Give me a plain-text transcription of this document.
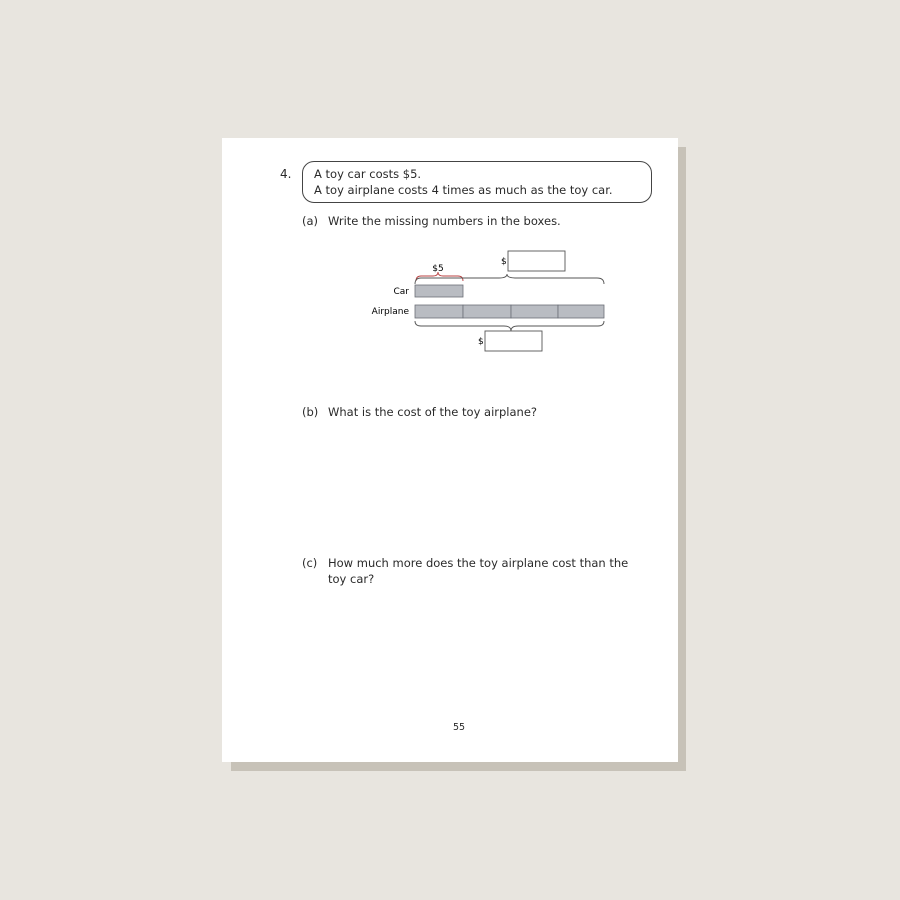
4. A toy car costs $5.
A toy airplane costs 4 times as much as the toy car.
(a) Write the missing numbers in the boxes.
$5
$
Car
Airplane
$
(b) What is the cost of the toy airplane?
(c) How much more does the toy airplane cost than the
toy car?
55
